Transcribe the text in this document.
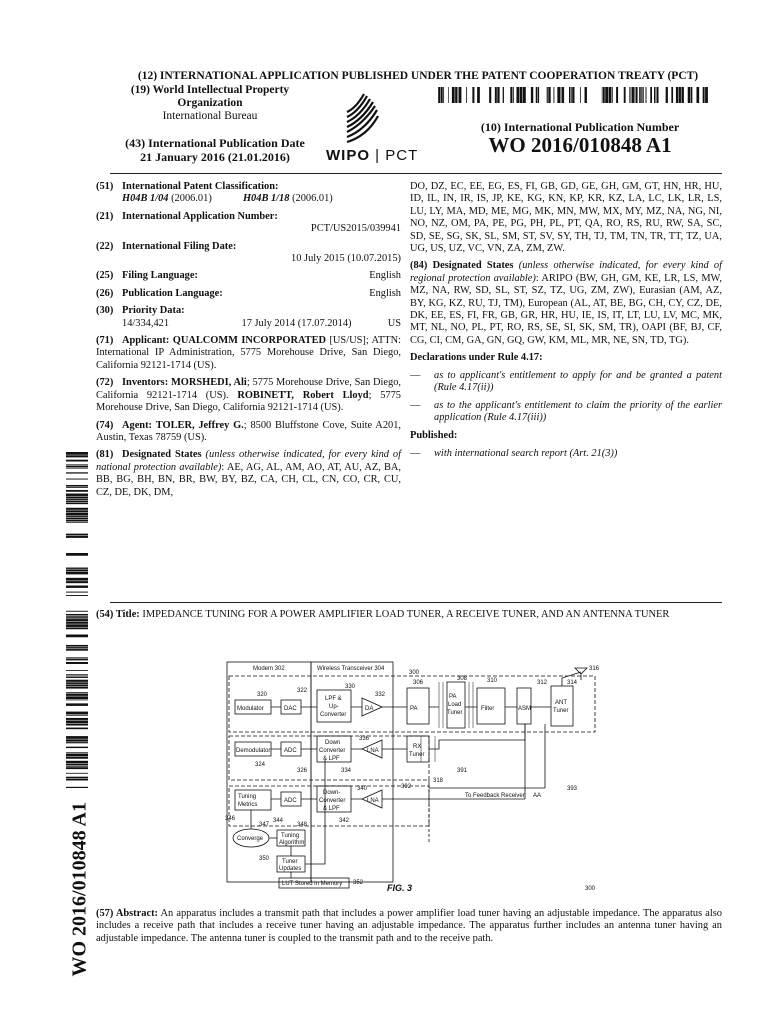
(12) INTERNATIONAL APPLICATION PUBLISHED UNDER THE PATENT COOPERATION TREATY (PCT)
(19) World Intellectual Property
Organization
International Bureau
(43) International Publication Date
21 January 2016 (21.01.2016)	WIPO | PCT
(10) International Publication Number
WO 2016/010848 A1

(51) International Patent Classification:
H04B 1/04 (2006.01)	H04B 1/18 (2006.01)

(21) International Application Number:

PCT/US2015/039941

(22) International Filing Date:

10 July 2015 (10.07.2015)

(25) Filing Language:	English

(26) Publication Language:	English

(30) Priority Data:

14/334,421	17 July 2014 (17.07.2014)	US

(71) Applicant: QUALCOMM INCORPORATED [US/US]; ATTN: International IP Administration, 5775 Morehouse Drive, San Diego, California 92121-1714 (US).

(72) Inventors: MORSHEDI, Ali; 5775 Morehouse Drive, San Diego, California 92121-1714 (US). ROBINETT, Robert Lloyd; 5775 Morehouse Drive, San Diego, California 92121-1714 (US).

(74) Agent: TOLER, Jeffrey G.; 8500 Bluffstone Cove, Suite A201, Austin, Texas 78759 (US).

(81) Designated States (unless otherwise indicated, for every kind of national protection available): AE, AG, AL, AM, AO, AT, AU, AZ, BA, BB, BG, BH, BN, BR, BW, BY, BZ, CA, CH, CL, CN, CO, CR, CU, CZ, DE, DK, DM,

DO, DZ, EC, EE, EG, ES, FI, GB, GD, GE, GH, GM, GT, HN, HR, HU, ID, IL, IN, IR, IS, JP, KE, KG, KN, KP, KR, KZ, LA, LC, LK, LR, LS, LU, LY, MA, MD, ME, MG, MK, MN, MW, MX, MY, MZ, NA, NG, NI, NO, NZ, OM, PA, PE, PG, PH, PL, PT, QA, RO, RS, RU, RW, SA, SC, SD, SE, SG, SK, SL, SM, ST, SV, SY, TH, TJ, TM, TN, TR, TT, TZ, UA, UG, US, UZ, VC, VN, ZA, ZM, ZW.

(84) Designated States (unless otherwise indicated, for every kind of regional protection available): ARIPO (BW, GH, GM, KE, LR, LS, MW, MZ, NA, RW, SD, SL, ST, SZ, TZ, UG, ZM, ZW), Eurasian (AM, AZ, BY, KG, KZ, RU, TJ, TM), European (AL, AT, BE, BG, CH, CY, CZ, DE, DK, EE, ES, FI, FR, GB, GR, HR, HU, IE, IS, IT, LT, LU, LV, MC, MK, MT, NL, NO, PL, PT, RO, RS, SE, SI, SK, SM, TR), OAPI (BF, BJ, CF, CG, CI, CM, GA, GN, GQ, GW, KM, ML, MR, NE, SN, TD, TG).

Declarations under Rule 4.17:

—	as to applicant's entitlement to apply for and be granted a patent (Rule 4.17(ii))

—	as to the applicant's entitlement to claim the priority of the earlier application (Rule 4.17(iii))

Published:

—	with international search report (Art. 21(3))

WO 2016/010848 A1
(54) Title: IMPEDANCE TUNING FOR A POWER AMPLIFIER LOAD TUNER, A RECEIVE TUNER, AND AN ANTENNA TUNER
Modem 302	Wireless Transceiver 304
Modulator	DAC
LPF &
Up-
Converter
DA	PA
PA
Load
Tuner
Filter	ASM
ANT
Tuner
Demodulator ADC
Down
Converter
& LPF
LNA
RX
Tuner
Tuning
Metrics
ADC
Down-
Converter
& LPF
LNA
Converge	Tuning
Algorithm
Tuner
Updates
LUT Stored in Memory
To Feedback Receiver AA
300
306
308	310	312	314
316
320
322
330
332
324
326
336
334
318
391
392	393
340
342
344
346
347	348
350
352
300
FIG. 3
(57) Abstract: An apparatus includes a transmit path that includes a power amplifier load tuner having an adjustable impedance. The apparatus also includes a receive path that includes a receive tuner having an adjustable impedance. The apparatus further includes an antenna tuner having an adjustable impedance. The antenna tuner is coupled to the transmit path and to the receive path.
